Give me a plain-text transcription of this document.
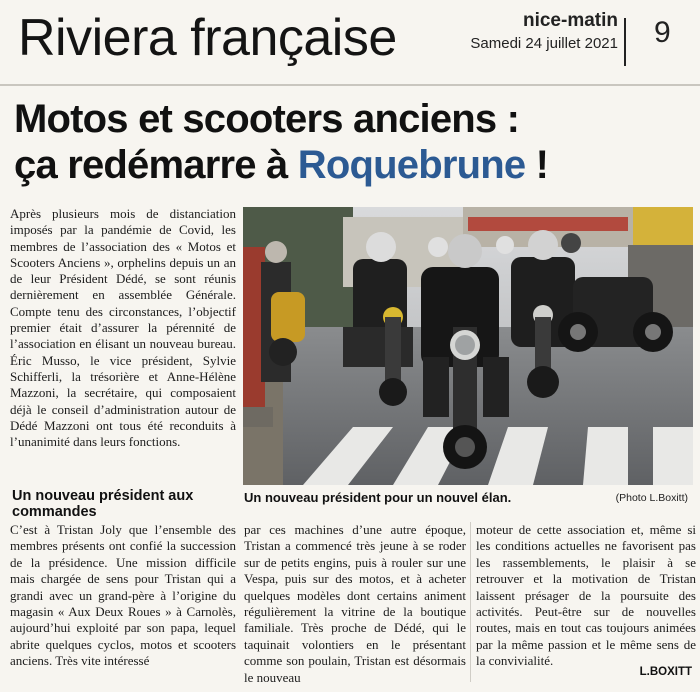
Riviera française	nice-matin
Samedi 24 juillet 2021 9
Motos et scooters anciens :
ça redémarre à Roquebrune !

Après plusieurs mois de distanciation imposés par la pandémie de Covid, les membres de l’association des « Motos et Scooters Anciens », orphelins depuis un an de leur Président Dédé, se sont réunis dernièrement en assemblée Générale. Compte tenu des circonstances, l’objectif premier était d’assurer la pérennité de l’association en élisant un nouveau bureau. Éric Musso, le vice président, Sylvie Schifferli, la trésorière et Anne-Hélène Mazzoni, la secrétaire, qui composaient déjà le conseil d’administration autour de Dédé Mazzoni ont tous été reconduits à l’unanimité dans leurs fonctions.

Un nouveau président aux commandes

C’est à Tristan Joly que l’ensemble des membres présents ont confié la succession de la présidence. Une mission difficile mais chargée de sens pour Tristan qui a grandi avec un grand-père à l’origine du magasin « Aux Deux Roues » à Carnolès, aujourd’hui exploité par son papa, lequel abrite quelques cyclos, motos et scooters anciens. Très vite intéressé

Un nouveau président pour un nouvel élan.	(Photo L.Boxitt)

par ces machines d’une autre époque, Tristan a commencé très jeune à se roder sur de petits engins, puis à rouler sur une Vespa, puis sur des motos, et à acheter quelques modèles dont certains animent régulièrement la vitrine de la boutique familiale. Très proche de Dédé, qui le taquinait volontiers en le présentant comme son poulain, Tristan est désormais le nouveau

moteur de cette association et, même si les conditions actuelles ne favorisent pas les rassemblements, le plaisir à se retrouver et la motivation de Tristan laissent présager de la poursuite des activités. Peut-être sur de nouvelles routes, mais en tout cas toujours animées par la même passion et le même sens de la convivialité.

L.BOXITT
